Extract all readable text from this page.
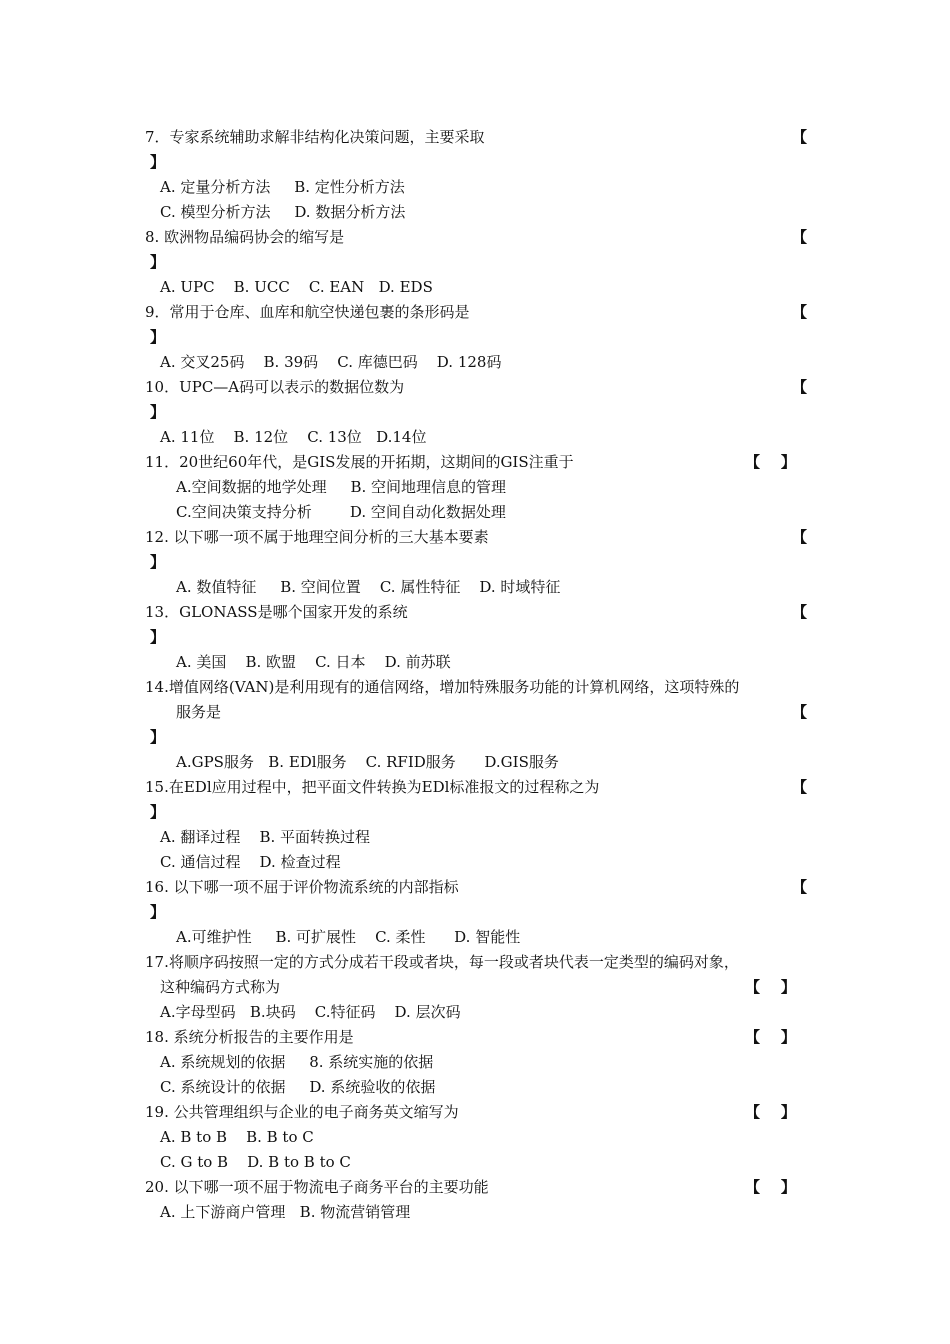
7．专家系统辅助求解非结构化决策问题，主要采取	【
】
A. 定量分析方法     B. 定性分析方法
C. 模型分析方法     D. 数据分析方法
8. 欧洲物品编码协会的缩写是	【
】
A. UPC    B. UCC    C. EAN   D. EDS
9．常用于仓库、血库和航空快递包裹的条形码是	【
】
A. 交叉25码    B. 39码    C. 库德巴码    D. 128码
10．UPC—A码可以表示的数据位数为	【
】
A. 11位    B. 12位    C. 13位   D.14位
11．20世纪60年代，是GIS发展的开拓期，这期间的GIS注重于	【    】
A.空间数据的地学处理     B. 空间地理信息的管理
C.空间决策支持分析        D. 空间自动化数据处理
12. 以下哪一项不属于地理空间分析的三大基本要素	【
】
A. 数值特征     B. 空间位置    C. 属性特征    D. 时域特征
13．GLONASS是哪个国家开发的系统	【
】
A. 美国    B. 欧盟    C. 日本    D. 前苏联
14.增值网络(VAN)是利用现有的通信网络，增加特殊服务功能的计算机网络，这项特殊的
服务是	【
】
A.GPS服务   B. EDl服务    C. RFID服务      D.GIS服务
15.在EDl应用过程中，把平面文件转换为EDl标准报文的过程称之为	【
】
A. 翻译过程    B. 平面转换过程
C. 通信过程    D. 检查过程
16. 以下哪一项不屈于评价物流系统的内部指标	【
】
A.可维护性     B. 可扩展性    C. 柔性      D. 智能性
17.将顺序码按照一定的方式分成若干段或者块，每一段或者块代表一定类型的编码对象，
这种编码方式称为	【    】
A.字母型码   B.块码    C.特征码    D. 层次码
18. 系统分析报告的主要作用是	【    】
A. 系统规划的依据     8. 系统实施的依据
C. 系统设计的依据     D. 系统验收的依据
19. 公共管理组织与企业的电子商务英文缩写为	【    】
A. B to B    B. B to C
C. G to B    D. B to B to C
20. 以下哪一项不屈于物流电子商务平台的主要功能	【    】
A. 上下游商户管理   B. 物流营销管理
